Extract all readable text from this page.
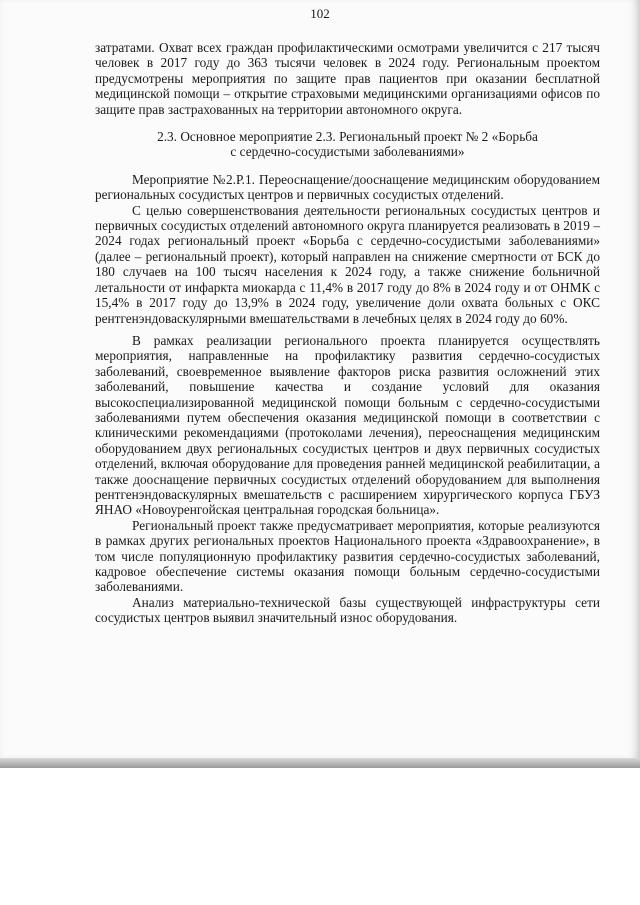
102

затратами. Охват всех граждан профилактическими осмотрами увеличится с 217 тысяч человек в 2017 году до 363 тысячи человек в 2024 году. Региональным проектом предусмотрены мероприятия по защите прав пациентов при оказании бесплатной медицинской помощи – открытие страховыми медицинскими организациями офисов по защите прав застрахованных на территории автономного округа.

2.3. Основное мероприятие 2.3. Региональный проект № 2 «Борьба
с сердечно-сосудистыми заболеваниями»

Мероприятие №2.Р.1. Переоснащение/дооснащение медицинским оборудованием региональных сосудистых центров и первичных сосудистых отделений.

С целью совершенствования деятельности региональных сосудистых центров и первичных сосудистых отделений автономного округа планируется реализовать в 2019 – 2024 годах региональный проект «Борьба с сердечно-сосудистыми заболеваниями» (далее – региональный проект), который направлен на снижение смертности от БСК до 180 случаев на 100 тысяч населения к 2024 году, а также снижение больничной летальности от инфаркта миокарда с 11,4% в 2017 году до 8% в 2024 году и от ОНМК с 15,4% в 2017 году до 13,9% в 2024 году, увеличение доли охвата больных с ОКС рентгенэндоваскулярными вмешательствами в лечебных целях в 2024 году до 60%.

В рамках реализации регионального проекта планируется осуществлять мероприятия, направленные на профилактику развития сердечно-сосудистых заболеваний, своевременное выявление факторов риска развития осложнений этих заболеваний, повышение качества и создание условий для оказания высокоспециализированной медицинской помощи больным с сердечно-сосудистыми заболеваниями путем обеспечения оказания медицинской помощи в соответствии с клиническими рекомендациями (протоколами лечения), переоснащения медицинским оборудованием двух региональных сосудистых центров и двух первичных сосудистых отделений, включая оборудование для проведения ранней медицинской реабилитации, а также дооснащение первичных сосудистых отделений оборудованием для выполнения рентгенэндоваскулярных вмешательств с расширением хирургического корпуса ГБУЗ ЯНАО «Новоуренгойская центральная городская больница».

Региональный проект также предусматривает мероприятия, которые реализуются в рамках других региональных проектов Национального проекта «Здравоохранение», в том числе популяционную профилактику развития сердечно-сосудистых заболеваний, кадровое обеспечение системы оказания помощи больным сердечно-сосудистыми заболеваниями.

Анализ материально-технической базы существующей инфраструктуры сети сосудистых центров выявил значительный износ оборудования.
